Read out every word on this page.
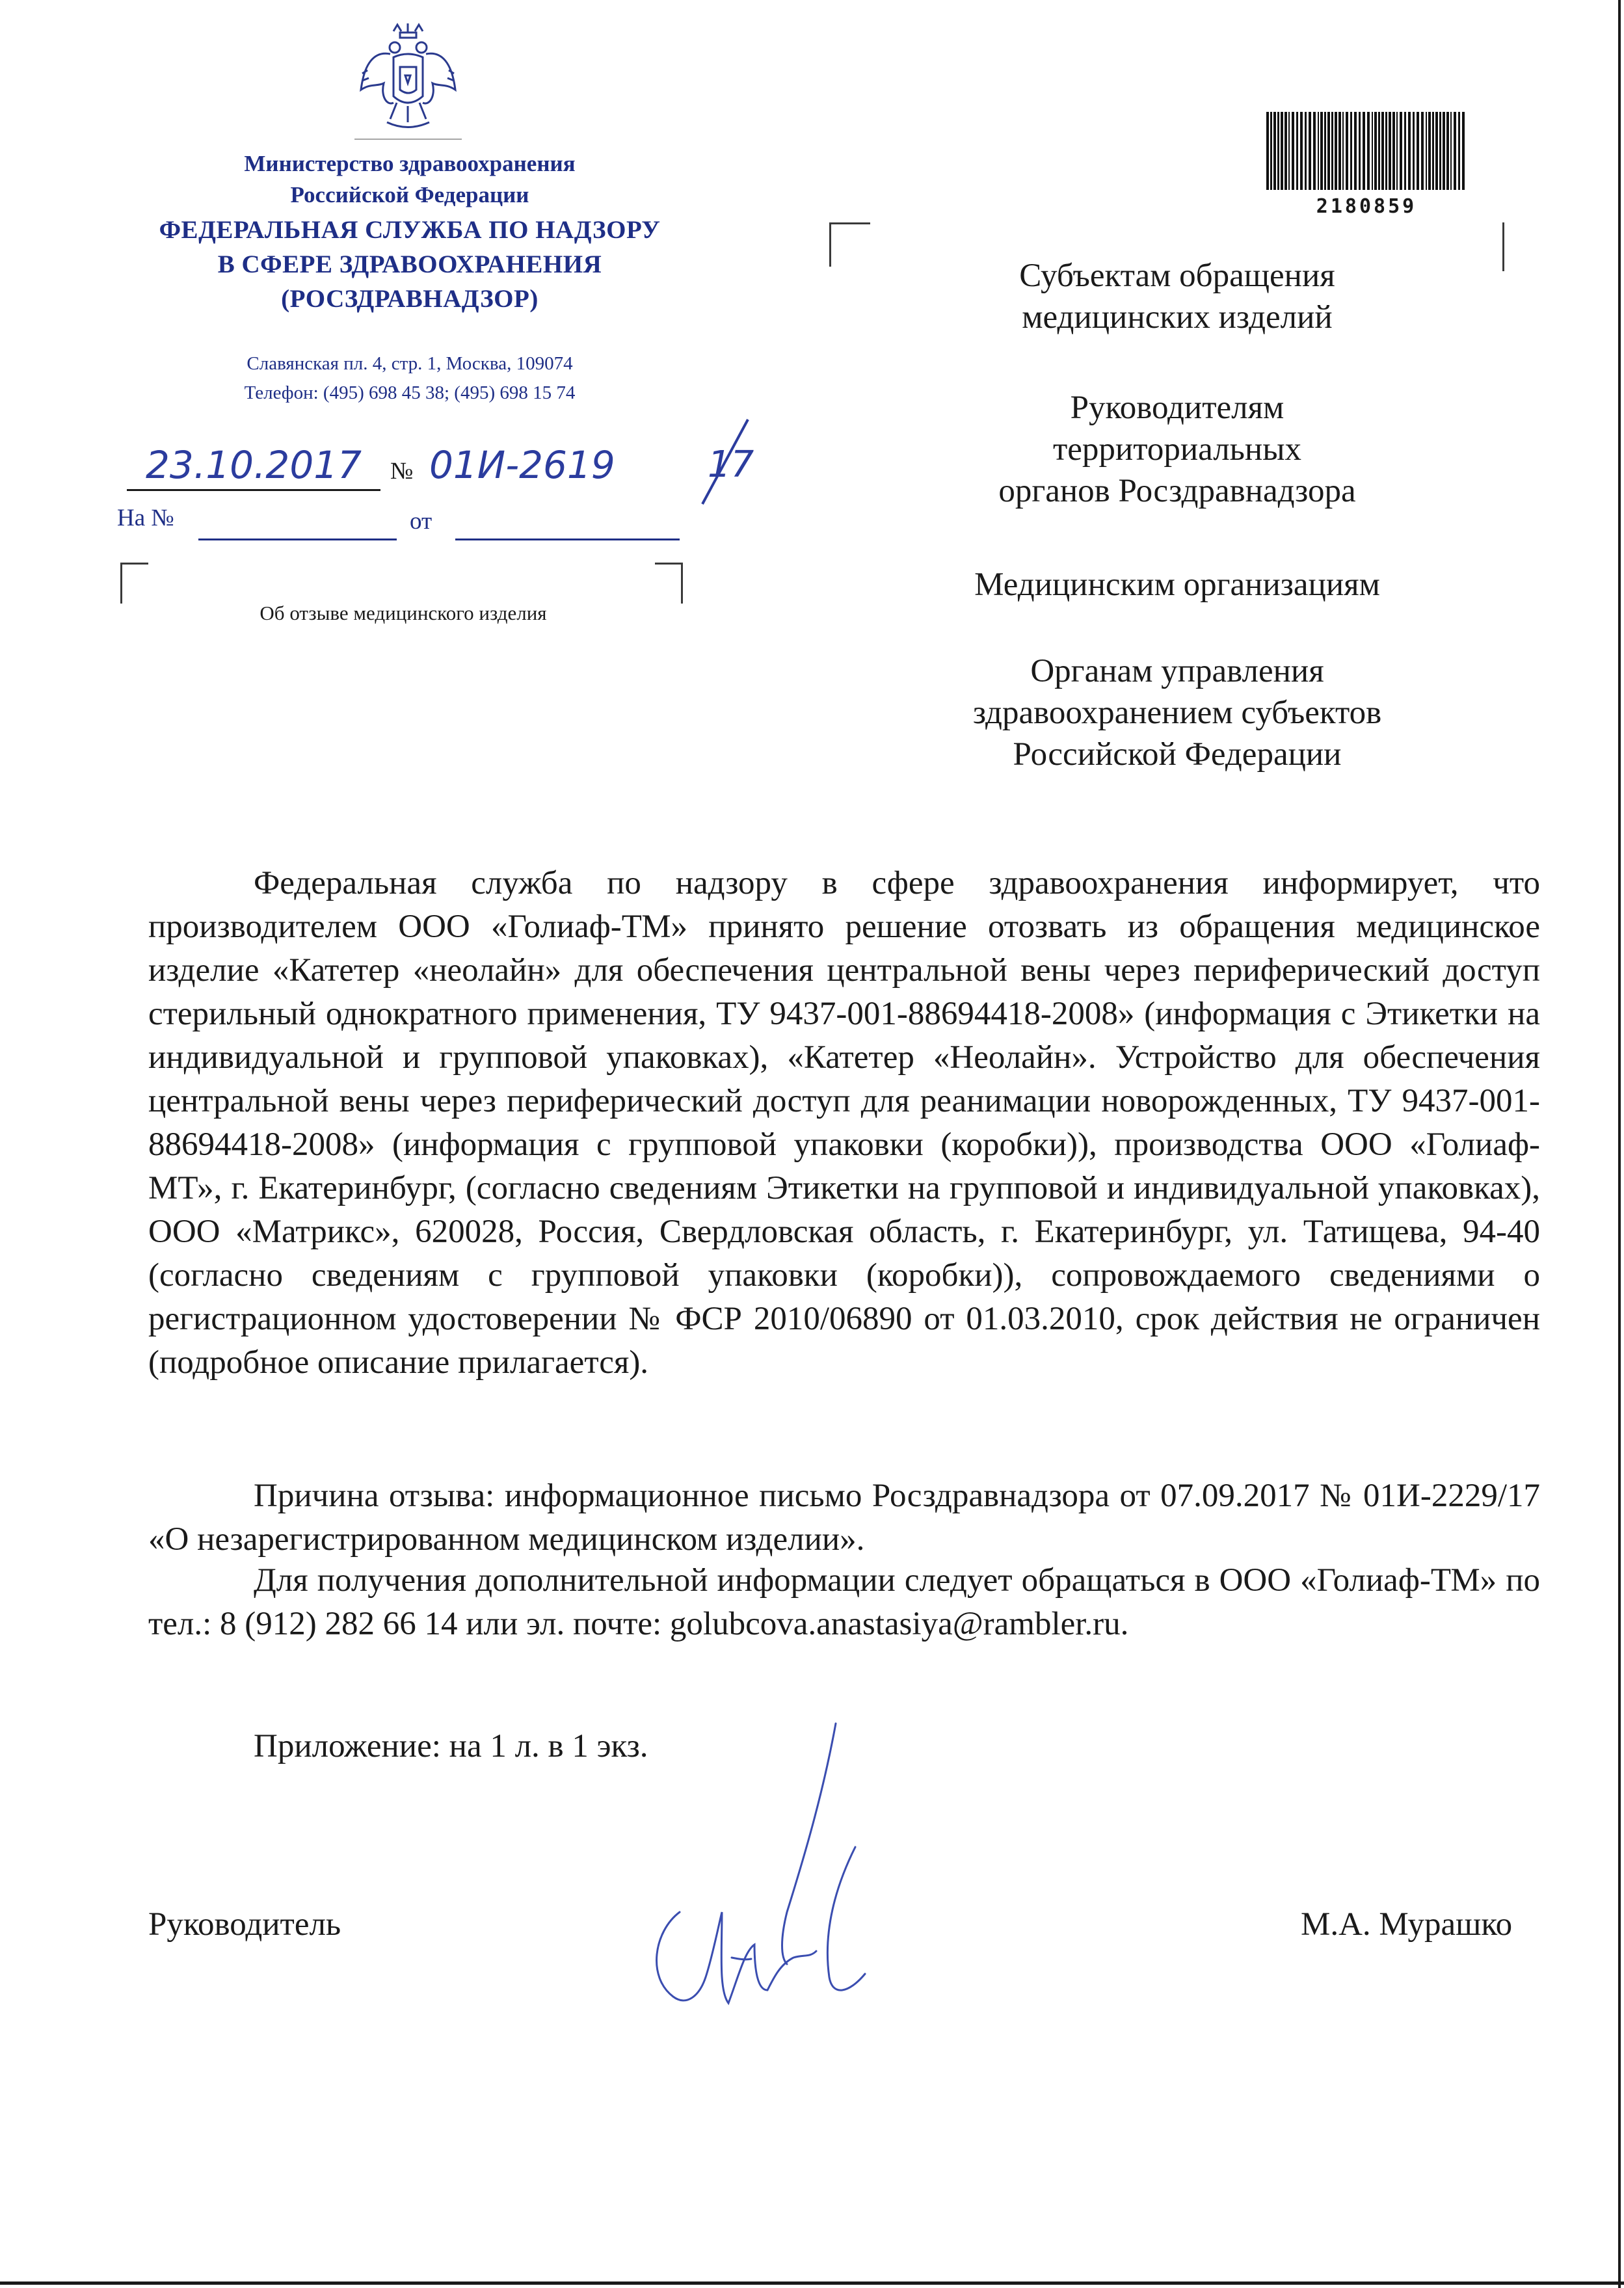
Министерство здравоохранения
Российской Федерации
ФЕДЕРАЛЬНАЯ СЛУЖБА ПО НАДЗОРУ
В СФЕРЕ ЗДРАВООХРАНЕНИЯ
(РОСЗДРАВНАДЗОР)
Славянская пл. 4, стр. 1, Москва, 109074
Телефон: (495) 698 45 38; (495) 698 15 74
23.10.2017	№ 01И-2619	17
На №	от
Об отзыве медицинского изделия
2180859
Субъектам обращения
медицинских изделий
Руководителям
территориальных
органов Росздравнадзора
Медицинским организациям
Органам управления
здравоохранением субъектов
Российской Федерации
Федеральная служба по надзору в сфере здравоохранения информирует, что производителем ООО «Голиаф-ТМ» принято решение отозвать из обращения медицинское изделие «Катетер «неолайн» для обеспечения центральной вены через периферический доступ стерильный однократного применения, ТУ 9437-001-88694418-2008» (информация с Этикетки на индивидуальной и групповой упаковках), «Катетер «Неолайн». Устройство для обеспечения центральной вены через периферический доступ для реанимации новорожденных, ТУ 9437-001-88694418-2008» (информация с групповой упаковки (коробки)), производства ООО «Голиаф-МТ», г. Екатеринбург, (согласно сведениям Этикетки на групповой и индивидуальной упаковках), ООО «Матрикс», 620028, Россия, Свердловская область, г. Екатеринбург, ул. Татищева, 94-40 (согласно сведениям с групповой упаковки (коробки)), сопровождаемого сведениями о регистрационном удостоверении № ФСР 2010/06890 от 01.03.2010, срок действия не ограничен (подробное описание прилагается).
Причина отзыва: информационное письмо Росздравнадзора от 07.09.2017 № 01И-2229/17 «О незарегистрированном медицинском изделии».
Для получения дополнительной информации следует обращаться в ООО «Голиаф-ТМ» по тел.: 8 (912) 282 66 14 или эл. почте: golubcova.anastasiya@rambler.ru.
Приложение: на 1 л. в 1 экз.
Руководитель	М.А. Мурашко
